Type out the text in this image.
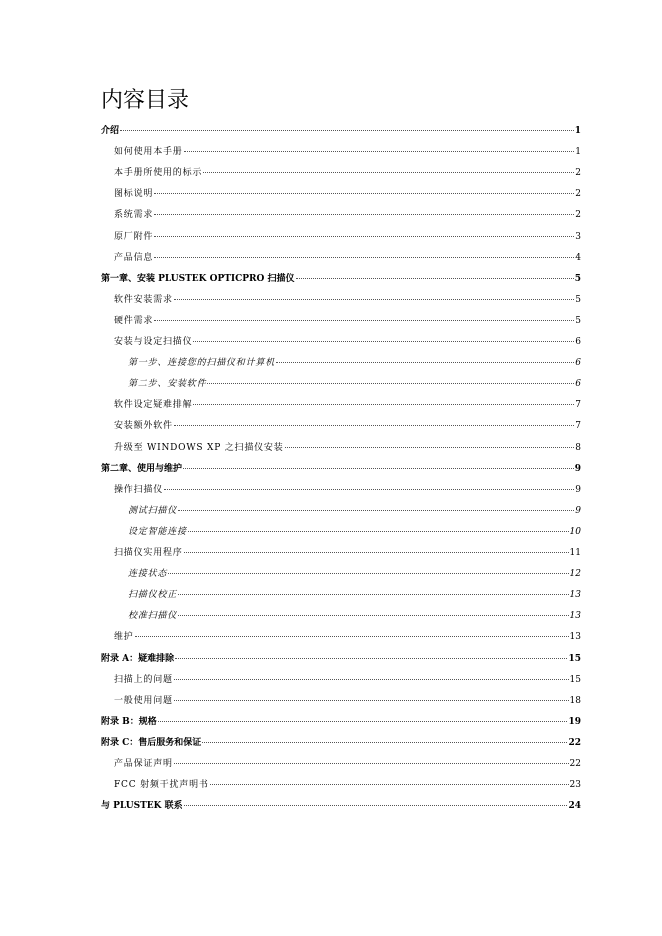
内容目录
介绍	1
如何使用本手册	1
本手册所使用的标示	2
图标说明	2
系统需求	2
原厂附件	3
产品信息	4
第一章、安装 PLUSTEK OPTICPRO 扫描仪	5
软件安装需求	5
硬件需求	5
安装与设定扫描仪	6
第一步、连接您的扫描仪和计算机	6
第二步、安装软件	6
软件设定疑难排解	7
安装额外软件	7
升级至 WINDOWS XP 之扫描仪安装	8
第二章、使用与维护	9
操作扫描仪	9
测试扫描仪	9
设定智能连接	10
扫描仪实用程序	11
连接状态	12
扫描仪校正	13
校准扫描仪	13
维护	13
附录 A：疑难排除	15
扫描上的问题	15
一般使用问题	18
附录 B：规格	19
附录 C：售后服务和保证	22
产品保证声明	22
FCC 射频干扰声明书	23
与 PLUSTEK 联系	24
